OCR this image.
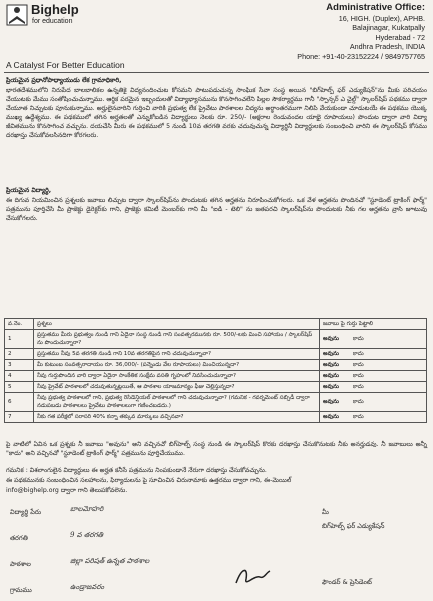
Bighelp
for education
A Catalyst For Better Education
Administrative Office:
16, HIGH. (Duplex), APHB.
Balajinagar, Kukatpally
Hyderabad - 72
Andhra Pradesh, INDIA
Phone: +91-40-23152224 / 9849757765
ప్రియమైన ప్రధానోపాధ్యాయుడు లేక గ్రామాధికారి,
భారతదేశములోని నిరుపేద బాలబాలికల ఉన్నతికై విద్యనందించుట కోసమని పాటుపడుచున్న సాంఘిక సేవా సంస్థ అయిన "బిగ్‌హెల్ప్ ఫర్ ఎడ్యుకేషన్"ను మీకు పరిచయం చేయుటకు మేము సంతోషించుచున్నాము. ఆర్థిక పరమైన ఇబ్బందులతో విద్యాభ్యాసమును కొనసాగించలేని పిల్లల సౌకర్యార్థము గానీ "స్పాన్సర్ ఎ చైల్డ్" స్కాలర్‌షిప్ పథకము ద్వారా చేయూత నిచ్చుటకు పూనుకున్నాము. అర్హులైనవారిని గుర్తించి వారికి ప్రభుత్వ లేక ప్రైవేటు పాఠశాలల విద్యను అర్థాంతరముగా నిలిపి వేయకుండా చూడుటయే ఈ పథకము యొక్క ముఖ్య ఉద్దేశ్యము. ఈ పథకములో తగిన అర్హతలతో ఎన్నుకోబడిన విద్యార్థులు నెలకు రూ. 250/- (అక్షరాల రెండువందల యాభై రూపాయలు) పొందుట ద్వారా వారి విద్యా జీవితమును కొనసాగించ వచ్చును. దయచేసి మీరు ఈ పథకములో 5 నుండి 10వ తరగతి వరకు చదువుచున్న విద్యార్థినీ విద్యార్థులకు సంబంధించి వారిని ఈ స్కాలర్‌షిప్ కోసము దరఖాస్తు చేసుకోవలసినదిగా కోరగలరు.
ప్రియమైన విద్యార్థి,
ఈ దిగువ నియమించిన ప్రశ్నలకు జవాబు లిచ్చుట ద్వారా స్కాలర్‌షిప్‌ను పొందుటకు తగిన అర్హతను నిరూపించుకోగలరు. ఒక వేళ అర్హతను పొందినచో "స్టూడెంట్ ట్రాకింగ్ ఫార్మ్" పత్రమును పూర్తిచేసి మీ ప్రాజెక్టు డైరెక్టర్‌కు గాని, ప్రాజెక్టు కమిటీ మెంబర్‌కు గాని మీ "ఐడి - టెలి" ను జతపరచి స్కాలర్‌షిప్‌ను పొందుటకు నీకు గల అర్హతను వ్రాసి జూటువు చేసుకోగలరు.
వ.నెం.	ప్రశ్నలు	జవాబు పై గుర్తు పెట్టాలి
1	ప్రస్తుతము మీరు ప్రభుత్వం నుండి గాని ఏదైనా సంస్థ నుండి గాని సంవత్సరమునకు రూ. 500/-లకు మించి సహాయం / స్కాలర్‌షిప్ ను పొందుచున్నారా?	అవును కాదు

2	ప్రస్తుతము నీవు 5వ తరగతి నుండి గాని 10వ తరగతిపైన గాని చదువుచున్నావా?	అవును కాదు

3	మీ కుటుంబ సంవత్సరాదాయం రూ. 36,000/- (పన్నెండు వేల రూపాయలు) మించియున్నదా?	అవును కాదు

4	నీవు గుర్తుపొందిన వారి ద్వారా ఏదైనా సాంకేతిక సంక్షేమ వసతి గృహంలో నివసించుచున్నావా?	అవును కాదు

5	నీవు ప్రైవేట్ పాఠశాలలో చదువుతున్నట్లయితే, ఆ పాఠశాల యాజమాన్యం ఫీజు చెల్లిస్తున్నదా?	అవును కాదు

6	నీవు ప్రభుత్వ పాఠశాలలో గాని, ప్రభుత్వ రెసిడెన్షియల్ పాఠశాలలో గాని చదువుచున్నావా? (గమనిక - గవర్నమెంట్ సబ్సిడీ ద్వారా నడుపబడు పాఠశాలలు ప్రైవేటు పాఠశాలలుగా గణించబడదు.)	అవును కాదు

7	నీకు గత పరీక్షలో సరాసరి 40% కన్నా తక్కువ మార్కులు వచ్చినవా?	అవును కాదు
పై వాటిలో ఏవిన ఒక ప్రశ్నకు నీ జవాబు "అవును" అని వచ్చినచో బిగ్‌హెల్ప్ సంస్థ నుండి ఈ స్కాలర్‌షిప్ కొరకు దరఖాస్తు చేసుకొనుటకు నీకు అనర్హుడవు. నీ జవాబులు అన్నీ "కాదు" అని వచ్చినచో "స్టూడెంట్ ట్రాకింగ్ ఫార్మ్" పత్రమును పూర్తిచేయుము.
గమనిక : విశలాంగులైన విద్యార్థులు ఈ అర్హత కనీసే పత్రమును నింపకుండానే నేరుగా దరఖాస్తు చేసుకోవచ్చును.
ఈ పథకమునకు సంబంధించిన సలహాలను, ఫిర్యాదులను పై సూచించిన చిరునామాకు ఉత్తరము ద్వారా గాని, ఈ-మెయిల్
info@bighelp.org ద్వారా గాని తెలుపకోవలెను.
విద్యార్థి పేరు	బాలమోహరి
తరగతి	9 వ తరగతి
పాఠశాల	జిల్లా పరిషత్ ఉన్నత పాఠశాల
గ్రామము	ఉండ్రాజవరం
మీ
బిగ్‌హెల్ప్ ఫర్ ఎడ్యుకేషన్
ఫౌండర్ & ప్రెసిడెంట్
